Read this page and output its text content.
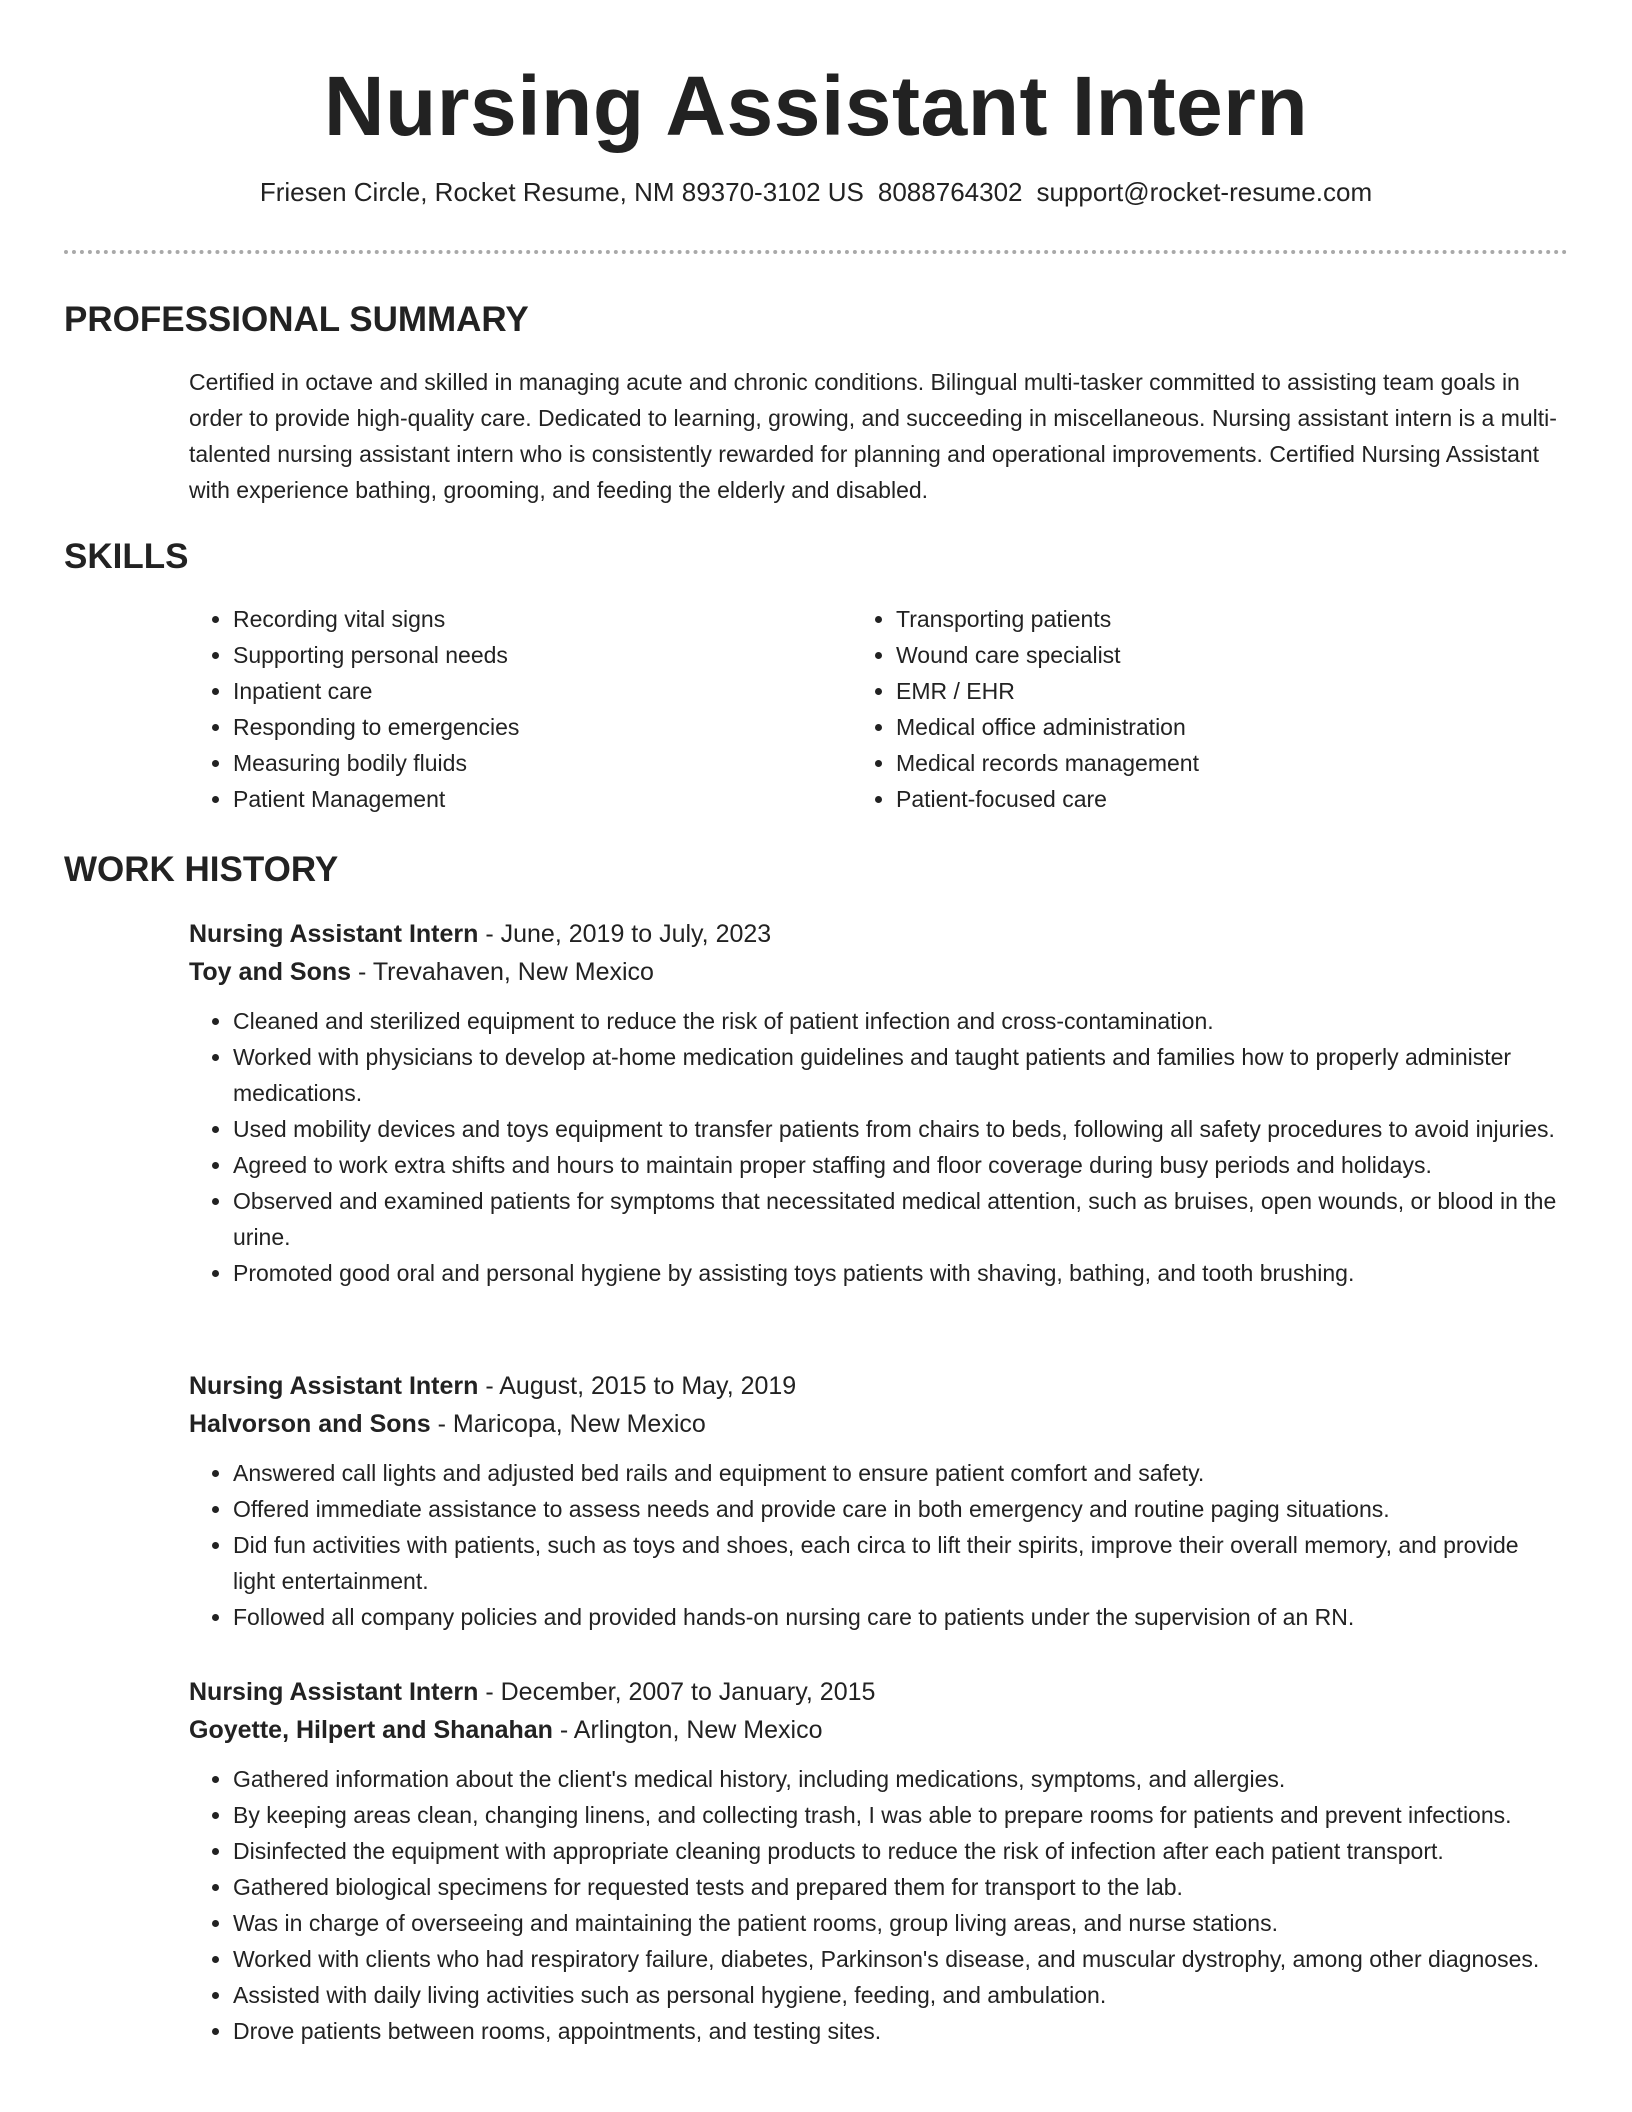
Nursing Assistant Intern
Friesen Circle, Rocket Resume, NM 89370-3102 US 8088764302 support@rocket-resume.com
PROFESSIONAL SUMMARY

Certified in octave and skilled in managing acute and chronic conditions. Bilingual multi-tasker committed to assisting team goals in order to provide high-quality care. Dedicated to learning, growing, and succeeding in miscellaneous. Nursing assistant intern is a multi-talented nursing assistant intern who is consistently rewarded for planning and operational improvements. Certified Nursing Assistant with experience bathing, grooming, and feeding the elderly and disabled.

SKILLS
• Recording vital signs
• Supporting personal needs
• Inpatient care
• Responding to emergencies
• Measuring bodily fluids
• Patient Management
• Transporting patients
• Wound care specialist
• EMR / EHR
• Medical office administration
• Medical records management
• Patient-focused care
WORK HISTORY

Nursing Assistant Intern - June, 2019 to July, 2023

Toy and Sons - Trevahaven, New Mexico

• Cleaned and sterilized equipment to reduce the risk of patient infection and cross-contamination.
• Worked with physicians to develop at-home medication guidelines and taught patients and families how to properly administer medications.
• Used mobility devices and toys equipment to transfer patients from chairs to beds, following all safety procedures to avoid injuries.
• Agreed to work extra shifts and hours to maintain proper staffing and floor coverage during busy periods and holidays.
• Observed and examined patients for symptoms that necessitated medical attention, such as bruises, open wounds, or blood in the urine.
• Promoted good oral and personal hygiene by assisting toys patients with shaving, bathing, and tooth brushing.

Nursing Assistant Intern - August, 2015 to May, 2019

Halvorson and Sons - Maricopa, New Mexico

• Answered call lights and adjusted bed rails and equipment to ensure patient comfort and safety.
• Offered immediate assistance to assess needs and provide care in both emergency and routine paging situations.
• Did fun activities with patients, such as toys and shoes, each circa to lift their spirits, improve their overall memory, and provide light entertainment.
• Followed all company policies and provided hands-on nursing care to patients under the supervision of an RN.

Nursing Assistant Intern - December, 2007 to January, 2015

Goyette, Hilpert and Shanahan - Arlington, New Mexico

• Gathered information about the client's medical history, including medications, symptoms, and allergies.
• By keeping areas clean, changing linens, and collecting trash, I was able to prepare rooms for patients and prevent infections.
• Disinfected the equipment with appropriate cleaning products to reduce the risk of infection after each patient transport.
• Gathered biological specimens for requested tests and prepared them for transport to the lab.
• Was in charge of overseeing and maintaining the patient rooms, group living areas, and nurse stations.
• Worked with clients who had respiratory failure, diabetes, Parkinson's disease, and muscular dystrophy, among other diagnoses.
• Assisted with daily living activities such as personal hygiene, feeding, and ambulation.
• Drove patients between rooms, appointments, and testing sites.
